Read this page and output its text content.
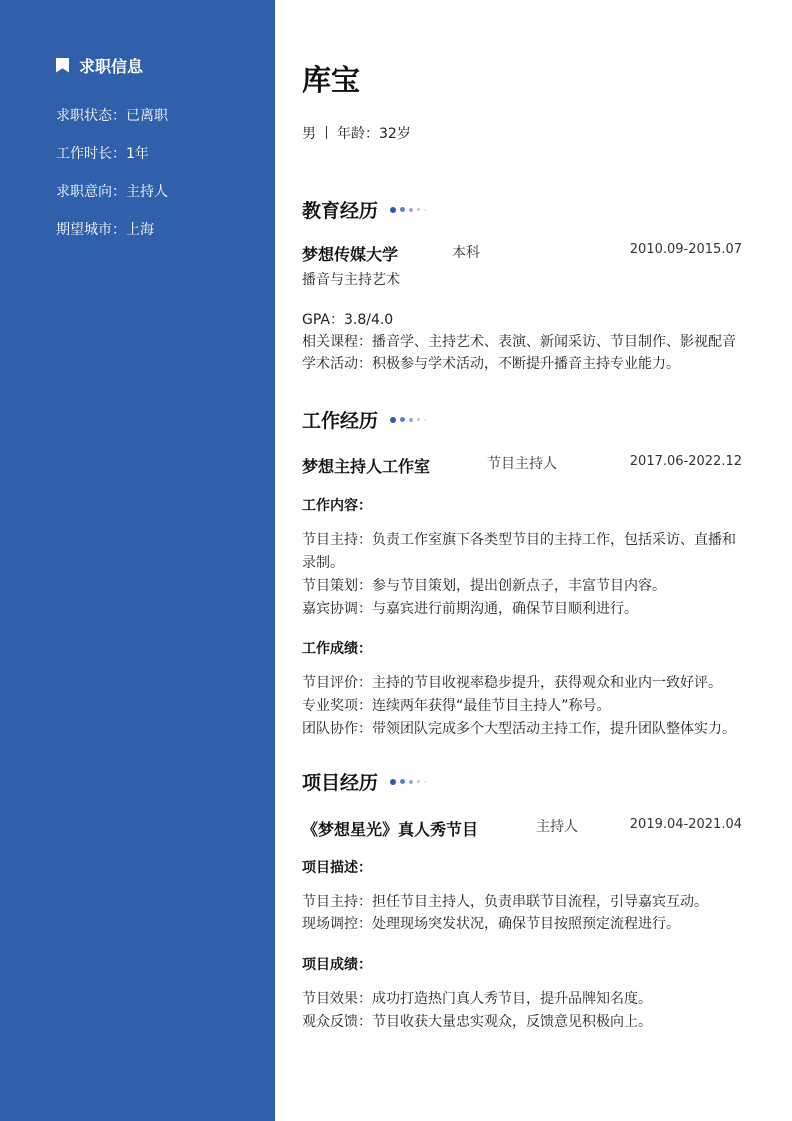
求职信息
求职状态：已离职
工作时长：1年
求职意向：主持人
期望城市：上海
库宝
男 年龄：32岁
教育经历
梦想传媒大学	本科	2010.09-2015.07
播音与主持艺术
GPA：3.8/4.0
相关课程：播音学、主持艺术、表演、新闻采访、节目制作、影视配音
学术活动：积极参与学术活动，不断提升播音主持专业能力。
工作经历
梦想主持人工作室	节目主持人	2017.06-2022.12
工作内容：
节目主持：负责工作室旗下各类型节目的主持工作，包括采访、直播和
录制。
节目策划：参与节目策划，提出创新点子，丰富节目内容。
嘉宾协调：与嘉宾进行前期沟通，确保节目顺利进行。
工作成绩：
节目评价：主持的节目收视率稳步提升，获得观众和业内一致好评。
专业奖项：连续两年获得“最佳节目主持人”称号。
团队协作：带领团队完成多个大型活动主持工作，提升团队整体实力。
项目经历
《梦想星光》真人秀节目	主持人	2019.04-2021.04
项目描述：
节目主持：担任节目主持人，负责串联节目流程，引导嘉宾互动。
现场调控：处理现场突发状况，确保节目按照预定流程进行。
项目成绩：
节目效果：成功打造热门真人秀节目，提升品牌知名度。
观众反馈：节目收获大量忠实观众，反馈意见积极向上。
